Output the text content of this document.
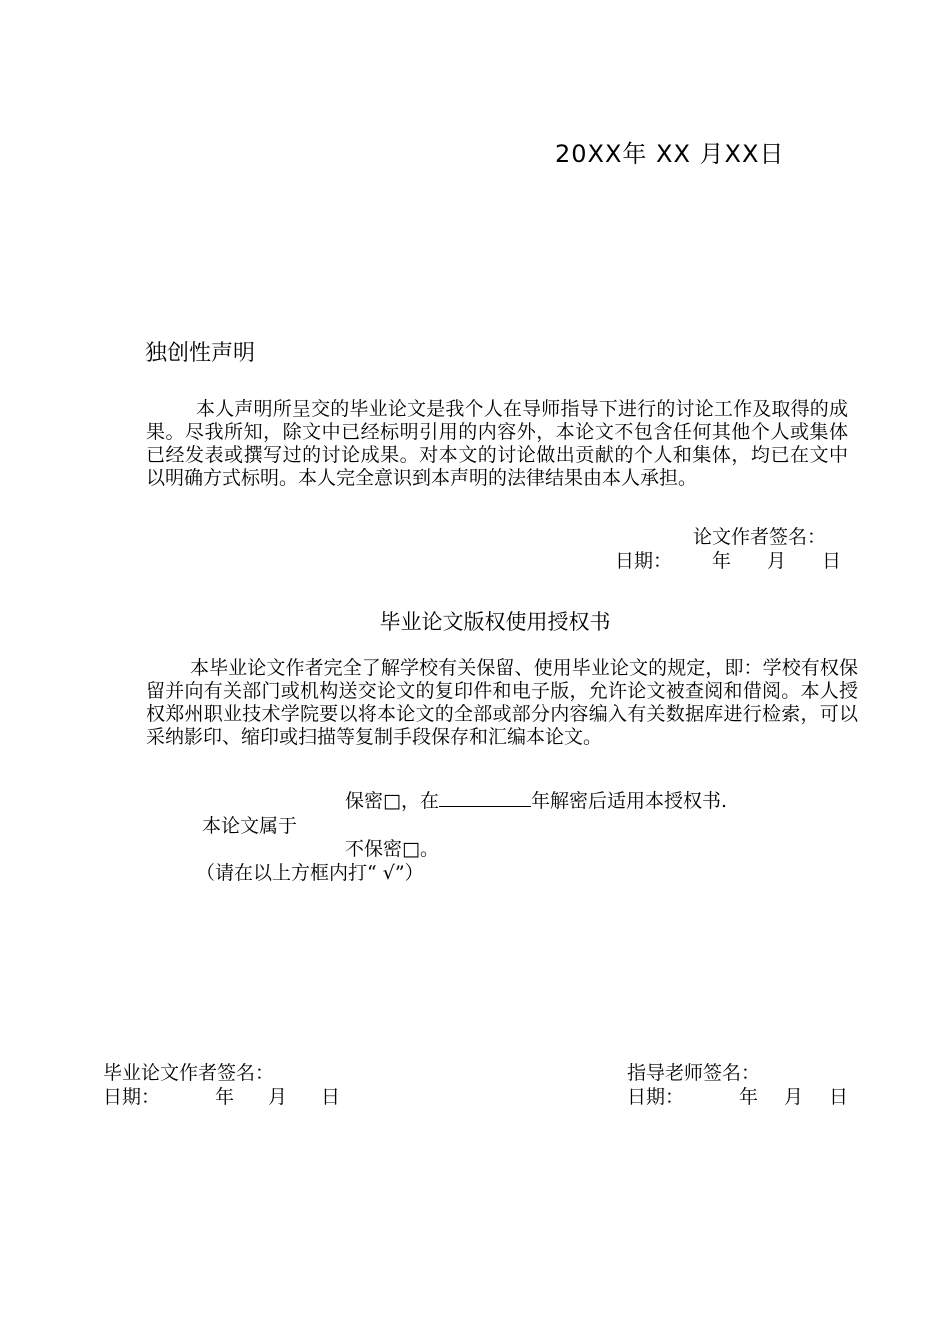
20XX年 XX 月XX日
独创性声明
本人声明所呈交的毕业论文是我个人在导师指导下进行的讨论工作及取得的成果。尽我所知，除文中已经标明引用的内容外，本论文不包含任何其他个人或集体已经发表或撰写过的讨论成果。对本文的讨论做出贡献的个人和集体，均已在文中以明确方式标明。本人完全意识到本声明的法律结果由本人承担。
论文作者签名：
日期： 年 月 日
毕业论文版权使用授权书
本毕业论文作者完全了解学校有关保留、使用毕业论文的规定，即：学校有权保留并向有关部门或机构送交论文的复印件和电子版，允许论文被查阅和借阅。本人授权郑州职业技术学院要以将本论文的全部或部分内容编入有关数据库进行检索，可以采纳影印、缩印或扫描等复制手段保存和汇编本论文。
保密□，在	年解密后适用本授权书.
本论文属于
不保密□。
（请在以上方框内打“ √”）
毕业论文作者签名：
日期：	年 月 日
指导老师签名：
日期：	年 月 日
